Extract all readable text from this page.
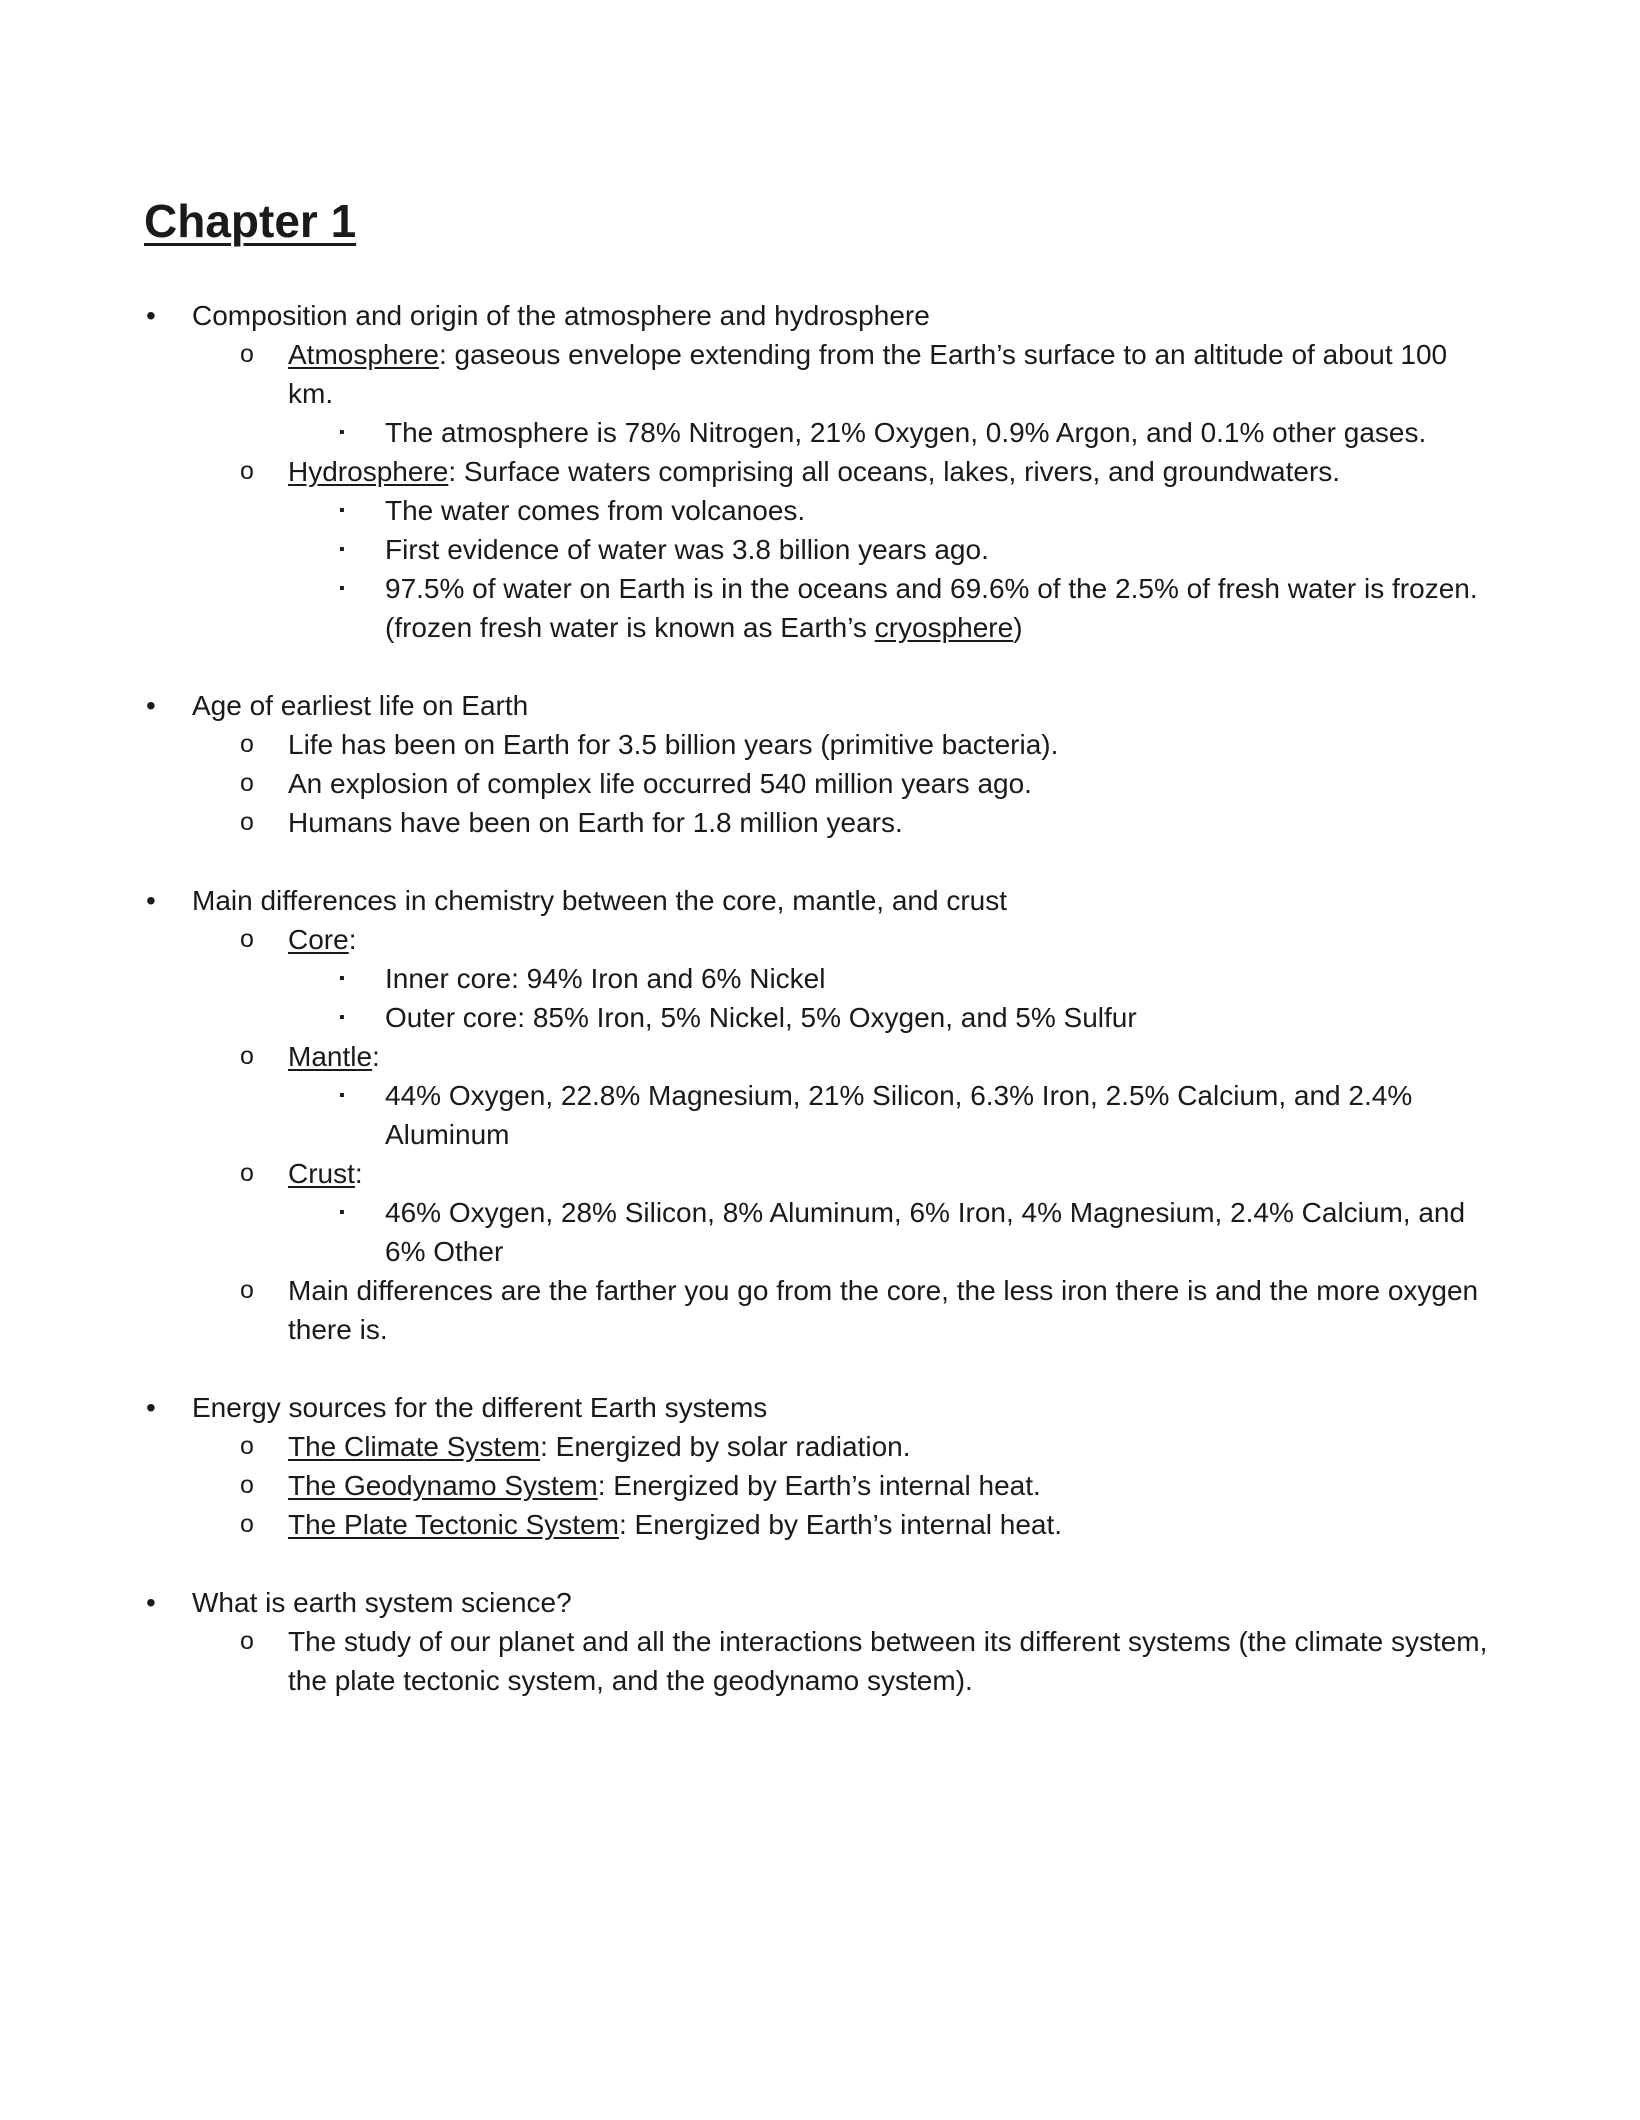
Chapter 1

• Composition and origin of the atmosphere and hydrosphere

o Atmosphere: gaseous envelope extending from the Earth’s surface to an altitude of about 100 km.

▪ The atmosphere is 78% Nitrogen, 21% Oxygen, 0.9% Argon, and 0.1% other gases.

o Hydrosphere: Surface waters comprising all oceans, lakes, rivers, and groundwaters.

▪ The water comes from volcanoes.

▪ First evidence of water was 3.8 billion years ago.

▪ 97.5% of water on Earth is in the oceans and 69.6% of the 2.5% of fresh water is frozen. (frozen fresh water is known as Earth’s cryosphere)

• Age of earliest life on Earth

o Life has been on Earth for 3.5 billion years (primitive bacteria).

o An explosion of complex life occurred 540 million years ago.

o Humans have been on Earth for 1.8 million years.

• Main differences in chemistry between the core, mantle, and crust

o Core:

▪ Inner core: 94% Iron and 6% Nickel

▪ Outer core: 85% Iron, 5% Nickel, 5% Oxygen, and 5% Sulfur

o Mantle:

▪ 44% Oxygen, 22.8% Magnesium, 21% Silicon, 6.3% Iron, 2.5% Calcium, and 2.4% Aluminum

o Crust:

▪ 46% Oxygen, 28% Silicon, 8% Aluminum, 6% Iron, 4% Magnesium, 2.4% Calcium, and 6% Other

o Main differences are the farther you go from the core, the less iron there is and the more oxygen there is.

• Energy sources for the different Earth systems

o The Climate System: Energized by solar radiation.

o The Geodynamo System: Energized by Earth’s internal heat.

o The Plate Tectonic System: Energized by Earth’s internal heat.

• What is earth system science?

o The study of our planet and all the interactions between its different systems (the climate system, the plate tectonic system, and the geodynamo system).
